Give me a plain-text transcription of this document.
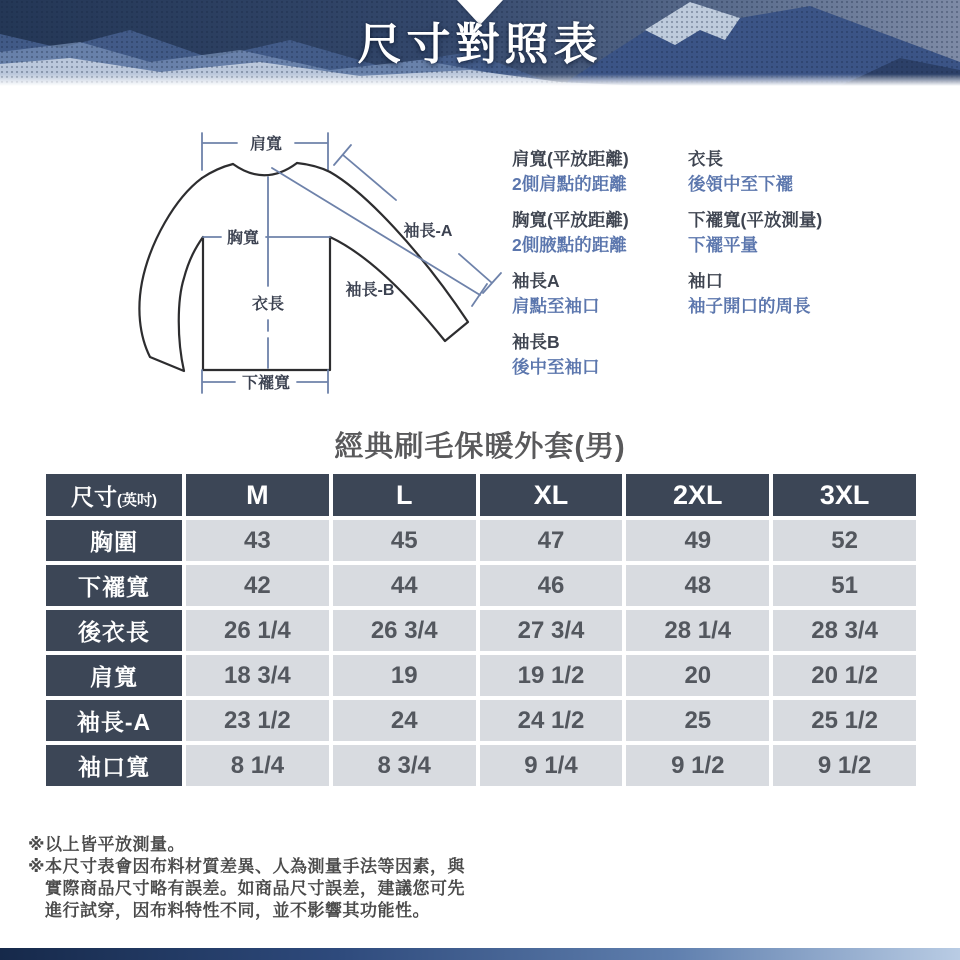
尺寸對照表
肩寬
胸寬
衣長
下襬寬
袖長-A
袖長-B
肩寬(平放距離)
2側肩點的距離
胸寬(平放距離)
2側腋點的距離
袖長A
肩點至袖口
袖長B
後中至袖口
衣長
後領中至下襬
下襬寬(平放測量)
下襬平量
袖口
袖子開口的周長
經典刷毛保暖外套(男)
尺寸(英吋)	M	L	XL	2XL	3XL
胸圍	43	45	47	49	52
下襬寬	42	44	46	48	51
後衣長	26 1/4	26 3/4	27 3/4	28 1/4	28 3/4
肩寬	18 3/4	19	19 1/2	20	20 1/2
袖長-A	23 1/2	24	24 1/2	25	25 1/2
袖口寬	8 1/4	8 3/4	9 1/4	9 1/2	9 1/2

※以上皆平放測量。

※本尺寸表會因布料材質差異、人為測量手法等因素，與

實際商品尺寸略有誤差。如商品尺寸誤差，建議您可先

進行試穿，因布料特性不同，並不影響其功能性。
